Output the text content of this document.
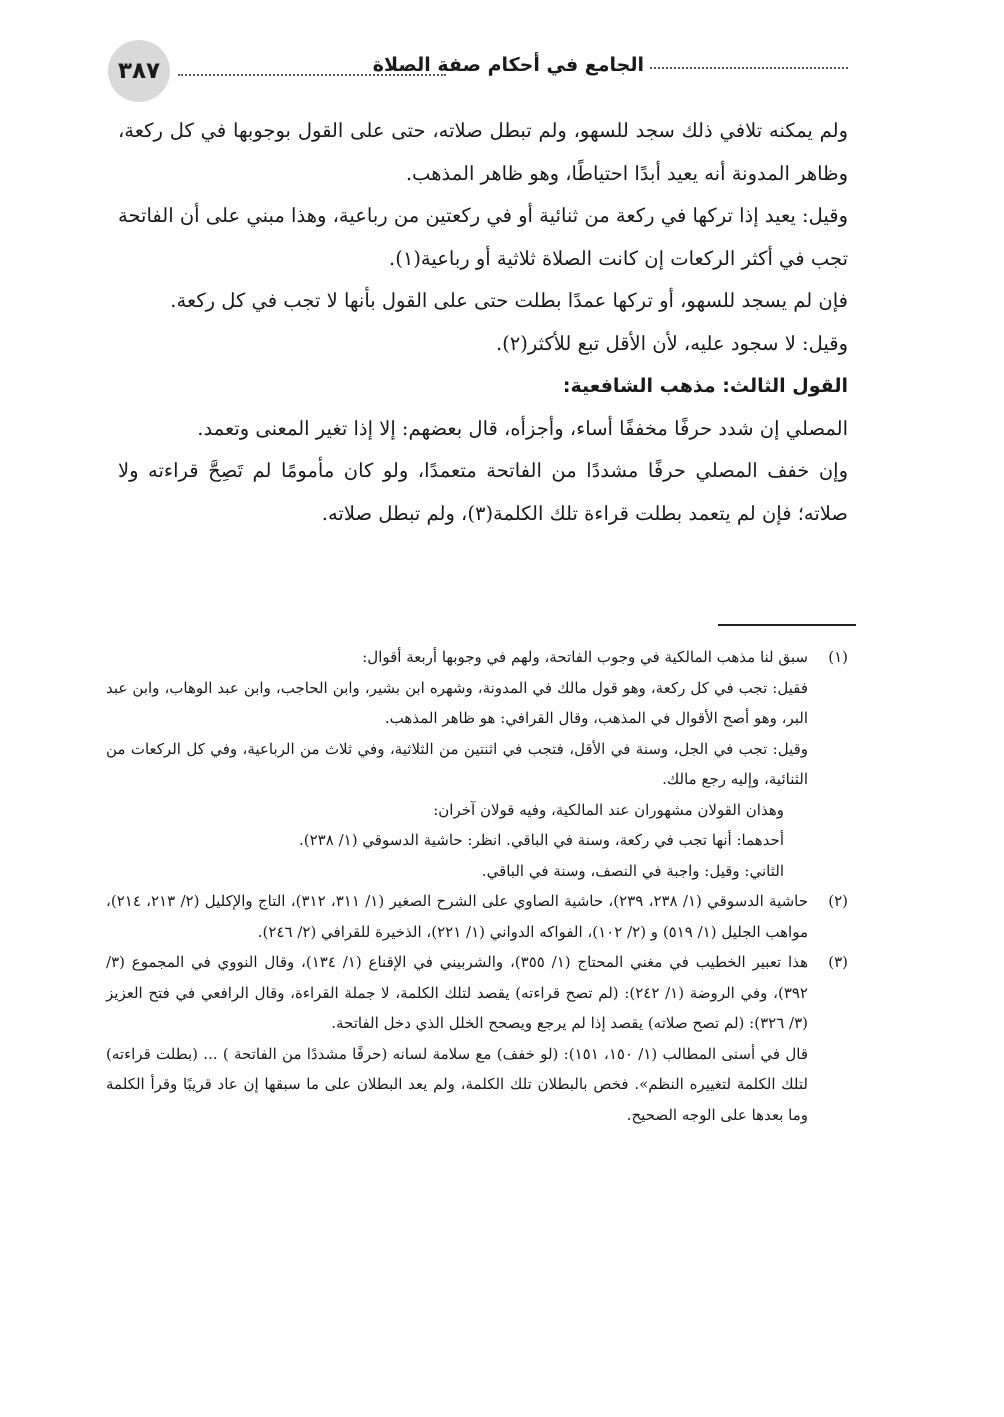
٣٨٧	الجامع في أحكام صفة الصلاة

ولم يمكنه تلافي ذلك سجد للسهو، ولم تبطل صلاته، حتى على القول بوجوبها في كل ركعة، وظاهر المدونة أنه يعيد أبدًا احتياطًا، وهو ظاهر المذهب.

وقيل: يعيد إذا تركها في ركعة من ثنائية أو في ركعتين من رباعية، وهذا مبني على أن الفاتحة تجب في أكثر الركعات إن كانت الصلاة ثلاثية أو رباعية(١).

فإن لم يسجد للسهو، أو تركها عمدًا بطلت حتى على القول بأنها لا تجب في كل ركعة.

وقيل: لا سجود عليه، لأن الأقل تبع للأكثر(٢).

القول الثالث: مذهب الشافعية:

المصلي إن شدد حرفًا مخففًا أساء، وأجزأه، قال بعضهم: إلا إذا تغير المعنى وتعمد.

وإن خفف المصلي حرفًا مشددًا من الفاتحة متعمدًا، ولو كان مأمومًا لم تَصِحَّ قراءته ولا صلاته؛ فإن لم يتعمد بطلت قراءة تلك الكلمة(٣)، ولم تبطل صلاته.

(١)

سبق لنا مذهب المالكية في وجوب الفاتحة، ولهم في وجوبها أربعة أقوال:

فقيل: تجب في كل ركعة، وهو قول مالك في المدونة، وشهره ابن بشير، وابن الحاجب، وابن عبد الوهاب، وابن عبد البر، وهو أصح الأقوال في المذهب، وقال القرافي: هو ظاهر المذهب.

وقيل: تجب في الجل، وسنة في الأقل، فتجب في اثنتين من الثلاثية، وفي ثلاث من الرباعية، وفي كل الركعات من الثنائية، وإليه رجع مالك.

وهذان القولان مشهوران عند المالكية، وفيه قولان آخران:

أحدهما: أنها تجب في ركعة، وسنة في الباقي. انظر: حاشية الدسوقي (١/ ٢٣٨).

الثاني: وقيل: واجبة في النصف، وسنة في الباقي.

(٢)

حاشية الدسوقي (١/ ٢٣٨، ٢٣٩)، حاشية الصاوي على الشرح الصغير (١/ ٣١١، ٣١٢)، التاج والإكليل (٢/ ٢١٣، ٢١٤)، مواهب الجليل (١/ ٥١٩) و (٢/ ١٠٢)، الفواكه الدواني (١/ ٢٢١)، الذخيرة للقرافي (٢/ ٢٤٦).

(٣)

هذا تعبير الخطيب في مغني المحتاج (١/ ٣٥٥)، والشربيني في الإقناع (١/ ١٣٤)، وقال النووي في المجموع (٣/ ٣٩٢)، وفي الروضة (١/ ٢٤٢): (لم تصح قراءته) يقصد لتلك الكلمة، لا جملة القراءة، وقال الرافعي في فتح العزيز (٣/ ٣٢٦): (لم تصح صلاته) يقصد إذا لم يرجع ويصحح الخلل الذي دخل الفاتحة.

قال في أسنى المطالب (١/ ١٥٠، ١٥١): (لو خفف) مع سلامة لسانه (حرفًا مشددًا من الفاتحة ) ... (بطلت قراءته) لتلك الكلمة لتغييره النظم». فخص بالبطلان تلك الكلمة، ولم يعد البطلان على ما سبقها إن عاد قريبًا وقرأ الكلمة وما بعدها على الوجه الصحيح.
